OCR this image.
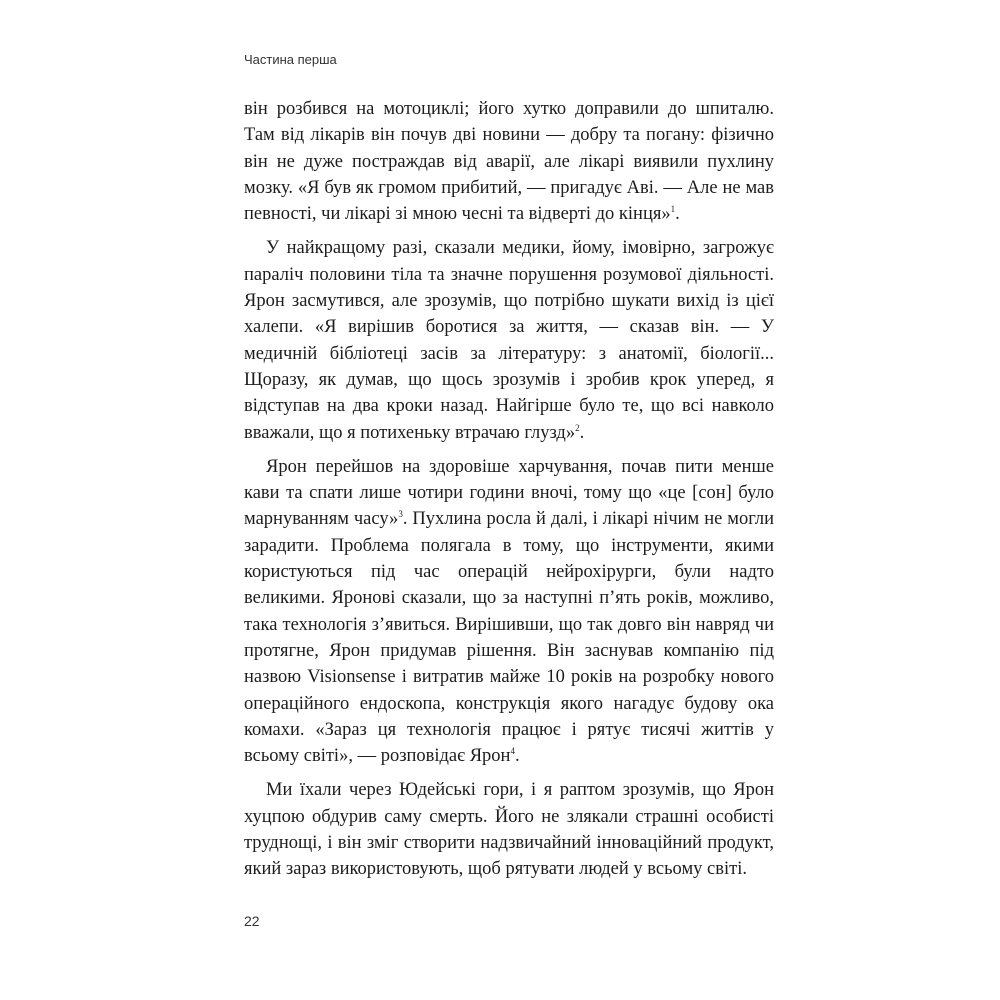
Частина перша

він розбився на мотоциклі; його хутко доправили до шпиталю. Там від лікарів він почув дві новини — добру та погану: фізично він не дуже постраждав від аварії, але лікарі виявили пухлину мозку. «Я був як громом прибитий, — пригадує Аві. — Але не мав певності, чи лікарі зі мною чесні та відверті до кінця»$^1$.

У найкращому разі, сказали медики, йому, імовірно, загрожує параліч половини тіла та значне порушення розумової діяльності. Ярон засмутився, але зрозумів, що потрібно шукати вихід із цієї халепи. «Я вирішив боротися за життя, — сказав він. — У медичній бібліотеці засів за літературу: з анатомії, біології... Щоразу, як думав, що щось зрозумів і зробив крок уперед, я відступав на два кроки назад. Найгірше було те, що всі навколо вважали, що я потихеньку втрачаю глузд»$^2$.

Ярон перейшов на здоровіше харчування, почав пити менше кави та спати лише чотири години вночі, тому що «це [сон] було марнуванням часу»$^3$. Пухлина росла й далі, і лікарі нічим не могли зарадити. Проблема полягала в тому, що інструменти, якими користуються під час операцій нейрохірурги, були надто великими. Яронові сказали, що за наступні п’ять років, можливо, така технологія з’явиться. Вирішивши, що так довго він навряд чи протягне, Ярон придумав рішення. Він заснував компанію під назвою Visionsense і витратив майже 10 років на розробку нового операційного ендоскопа, конструкція якого нагадує будову ока комахи. «Зараз ця технологія працює і рятує тисячі життів у всьому світі», — розповідає Ярон$^4$.

Ми їхали через Юдейські гори, і я раптом зрозумів, що Ярон хуцпою обдурив саму смерть. Його не злякали страшні особисті труднощі, і він зміг створити надзвичайний інноваційний продукт, який зараз використовують, щоб рятувати людей у всьому світі.

22
